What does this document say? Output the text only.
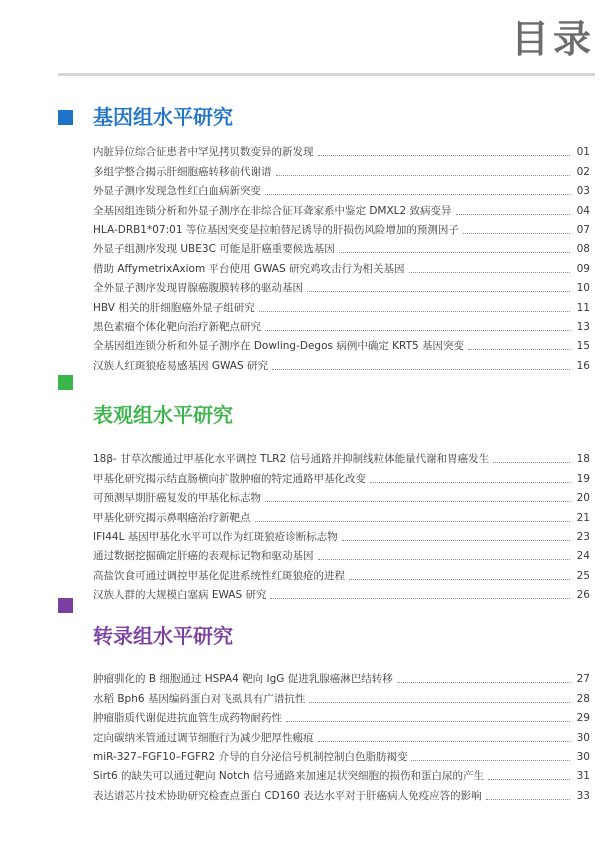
目录
基因组水平研究
内脏异位综合征患者中罕见拷贝数变异的新发现	01
多组学整合揭示肝细胞癌转移前代谢谱	02
外显子测序发现急性红白血病新突变	03
全基因组连锁分析和外显子测序在非综合征耳聋家系中鉴定 DMXL2 致病变异	04
HLA-DRB1*07:01 等位基因突变是拉帕替尼诱导的肝损伤风险增加的预测因子	07
外显子组测序发现 UBE3C 可能是肝癌重要候选基因	08
借助 AffymetrixAxiom 平台使用 GWAS 研究鸡攻击行为相关基因	09
全外显子测序发现胃腺癌腹膜转移的驱动基因	10
HBV 相关的肝细胞癌外显子组研究	11
黑色素瘤个体化靶向治疗新靶点研究	13
全基因组连锁分析和外显子测序在 Dowling-Degos 病例中确定 KRT5 基因突变	15
汉族人红斑狼疮易感基因 GWAS 研究	16
表观组水平研究
18β- 甘草次酸通过甲基化水平调控 TLR2 信号通路并抑制线粒体能量代谢和胃癌发生	18
甲基化研究揭示结直肠横向扩散肿瘤的特定通路甲基化改变	19
可预测早期肝癌复发的甲基化标志物	20
甲基化研究揭示鼻咽癌治疗新靶点	21
IFI44L 基因甲基化水平可以作为红斑狼疮诊断标志物	23
通过数据挖掘确定肝癌的表观标记物和驱动基因	24
高盐饮食可通过调控甲基化促进系统性红斑狼疮的进程	25
汉族人群的大规模白塞病 EWAS 研究	26
转录组水平研究
肿瘤驯化的 B 细胞通过 HSPA4 靶向 IgG 促进乳腺癌淋巴结转移	27
水稻 Bph6 基因编码蛋白对飞虱具有广谱抗性	28
肿瘤脂质代谢促进抗血管生成药物耐药性	29
定向碳纳米管通过调节细胞行为减少肥厚性瘢痕	30
miR-327–FGF10–FGFR2 介导的自分泌信号机制控制白色脂肪褐变	30
Sirt6 的缺失可以通过靶向 Notch 信号通路来加速足状突细胞的损伤和蛋白尿的产生	31
表达谱芯片技术协助研究检查点蛋白 CD160 表达水平对于肝癌病人免疫应答的影响	33
